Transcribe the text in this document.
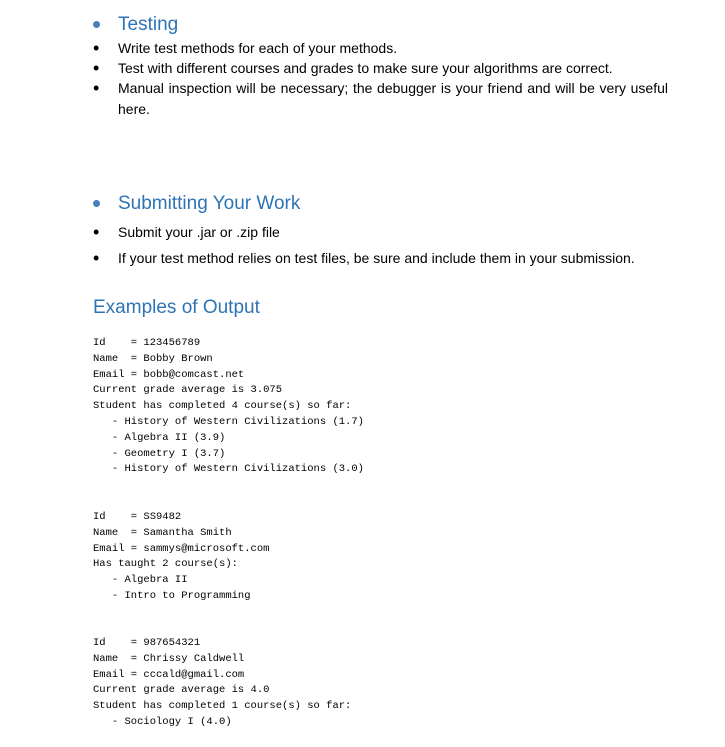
• Testing
• Write test methods for each of your methods.
• Test with different courses and grades to make sure your algorithms are correct.
• Manual inspection will be necessary; the debugger is your friend and will be very useful here.
• Submitting Your Work
• Submit your .jar or .zip file
• If your test method relies on test files, be sure and include them in your submission.
Examples of Output
Id    = 123456789
Name  = Bobby Brown
Email = bobb@comcast.net
Current grade average is 3.075
Student has completed 4 course(s) so far:
- History of Western Civilizations (1.7)
- Algebra II (3.9)
- Geometry I (3.7)
- History of Western Civilizations (3.0)
Id    = SS9482
Name  = Samantha Smith
Email = sammys@microsoft.com
Has taught 2 course(s):
- Algebra II
- Intro to Programming
Id    = 987654321
Name  = Chrissy Caldwell
Email = cccald@gmail.com
Current grade average is 4.0
Student has completed 1 course(s) so far:
- Sociology I (4.0)
